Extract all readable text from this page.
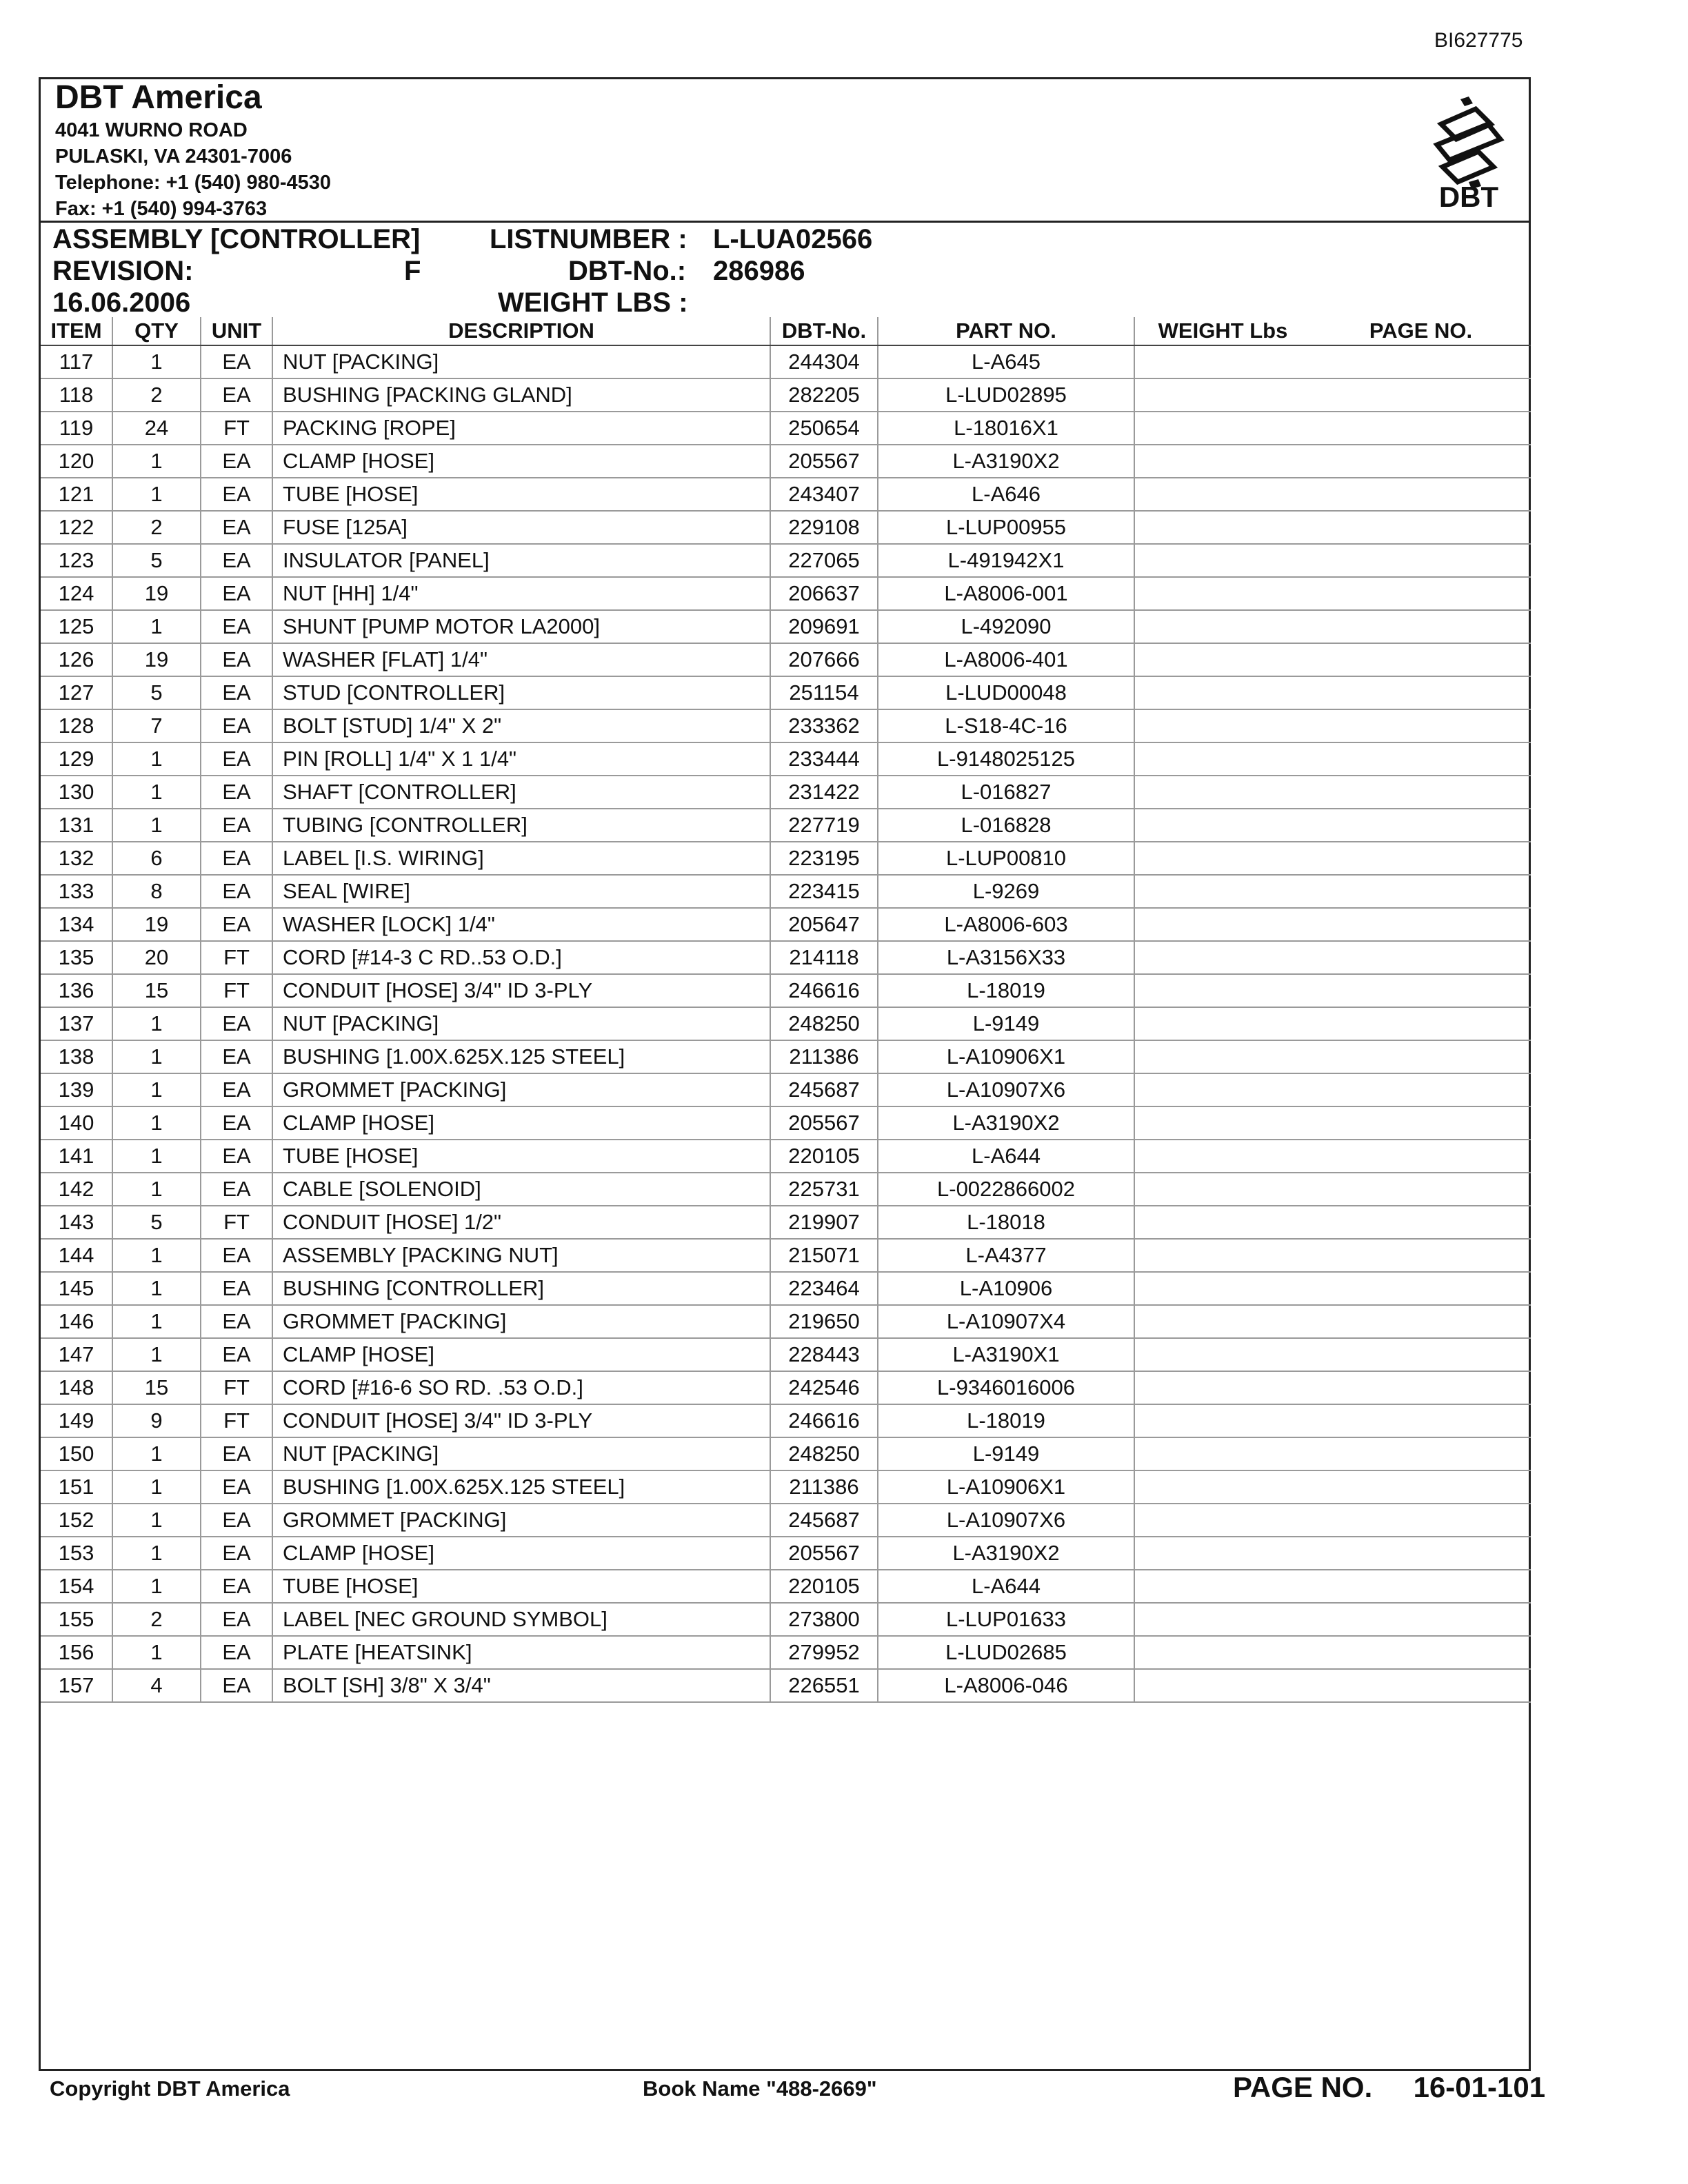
BI627775
DBT America
4041 WURNO ROAD
PULASKI, VA 24301-7006
Telephone: +1 (540) 980-4530
Fax: +1 (540) 994-3763	DBT
ASSEMBLY [CONTROLLER]	LISTNUMBER : L-LUA02566
REVISION:	F	DBT-No.: 286986
16.06.2006	WEIGHT LBS :
ITEM	QTY	UNIT	DESCRIPTION	DBT-No.	PART NO.	WEIGHT Lbs	PAGE NO.
117	1	EA	NUT [PACKING]	244304	L-A645		
118	2	EA	BUSHING [PACKING GLAND]	282205	L-LUD02895		
119	24	FT	PACKING [ROPE]	250654	L-18016X1		
120	1	EA	CLAMP [HOSE]	205567	L-A3190X2		
121	1	EA	TUBE [HOSE]	243407	L-A646		
122	2	EA	FUSE [125A]	229108	L-LUP00955		
123	5	EA	INSULATOR [PANEL]	227065	L-491942X1		
124	19	EA	NUT [HH] 1/4"	206637	L-A8006-001		
125	1	EA	SHUNT [PUMP MOTOR LA2000]	209691	L-492090		
126	19	EA	WASHER [FLAT] 1/4"	207666	L-A8006-401		
127	5	EA	STUD [CONTROLLER]	251154	L-LUD00048		
128	7	EA	BOLT [STUD] 1/4" X 2"	233362	L-S18-4C-16		
129	1	EA	PIN [ROLL] 1/4" X 1 1/4"	233444	L-9148025125		
130	1	EA	SHAFT [CONTROLLER]	231422	L-016827		
131	1	EA	TUBING [CONTROLLER]	227719	L-016828		
132	6	EA	LABEL [I.S. WIRING]	223195	L-LUP00810		
133	8	EA	SEAL [WIRE]	223415	L-9269		
134	19	EA	WASHER [LOCK] 1/4"	205647	L-A8006-603		
135	20	FT	CORD [#14-3 C RD..53 O.D.]	214118	L-A3156X33		
136	15	FT	CONDUIT [HOSE] 3/4" ID 3-PLY	246616	L-18019		
137	1	EA	NUT [PACKING]	248250	L-9149		
138	1	EA	BUSHING [1.00X.625X.125 STEEL]	211386	L-A10906X1		
139	1	EA	GROMMET [PACKING]	245687	L-A10907X6		
140	1	EA	CLAMP [HOSE]	205567	L-A3190X2		
141	1	EA	TUBE [HOSE]	220105	L-A644		
142	1	EA	CABLE [SOLENOID]	225731	L-0022866002		
143	5	FT	CONDUIT [HOSE] 1/2"	219907	L-18018		
144	1	EA	ASSEMBLY [PACKING NUT]	215071	L-A4377		
145	1	EA	BUSHING [CONTROLLER]	223464	L-A10906		
146	1	EA	GROMMET [PACKING]	219650	L-A10907X4		
147	1	EA	CLAMP [HOSE]	228443	L-A3190X1		
148	15	FT	CORD [#16-6 SO RD. .53 O.D.]	242546	L-9346016006		
149	9	FT	CONDUIT [HOSE] 3/4" ID 3-PLY	246616	L-18019		
150	1	EA	NUT [PACKING]	248250	L-9149		
151	1	EA	BUSHING [1.00X.625X.125 STEEL]	211386	L-A10906X1		
152	1	EA	GROMMET [PACKING]	245687	L-A10907X6		
153	1	EA	CLAMP [HOSE]	205567	L-A3190X2		
154	1	EA	TUBE [HOSE]	220105	L-A644		
155	2	EA	LABEL [NEC GROUND SYMBOL]	273800	L-LUP01633		
156	1	EA	PLATE [HEATSINK]	279952	L-LUD02685		
157	4	EA	BOLT [SH] 3/8" X 3/4"	226551	L-A8006-046		
Copyright DBT America	Book Name "488-2669"	PAGE NO. 16-01-101
